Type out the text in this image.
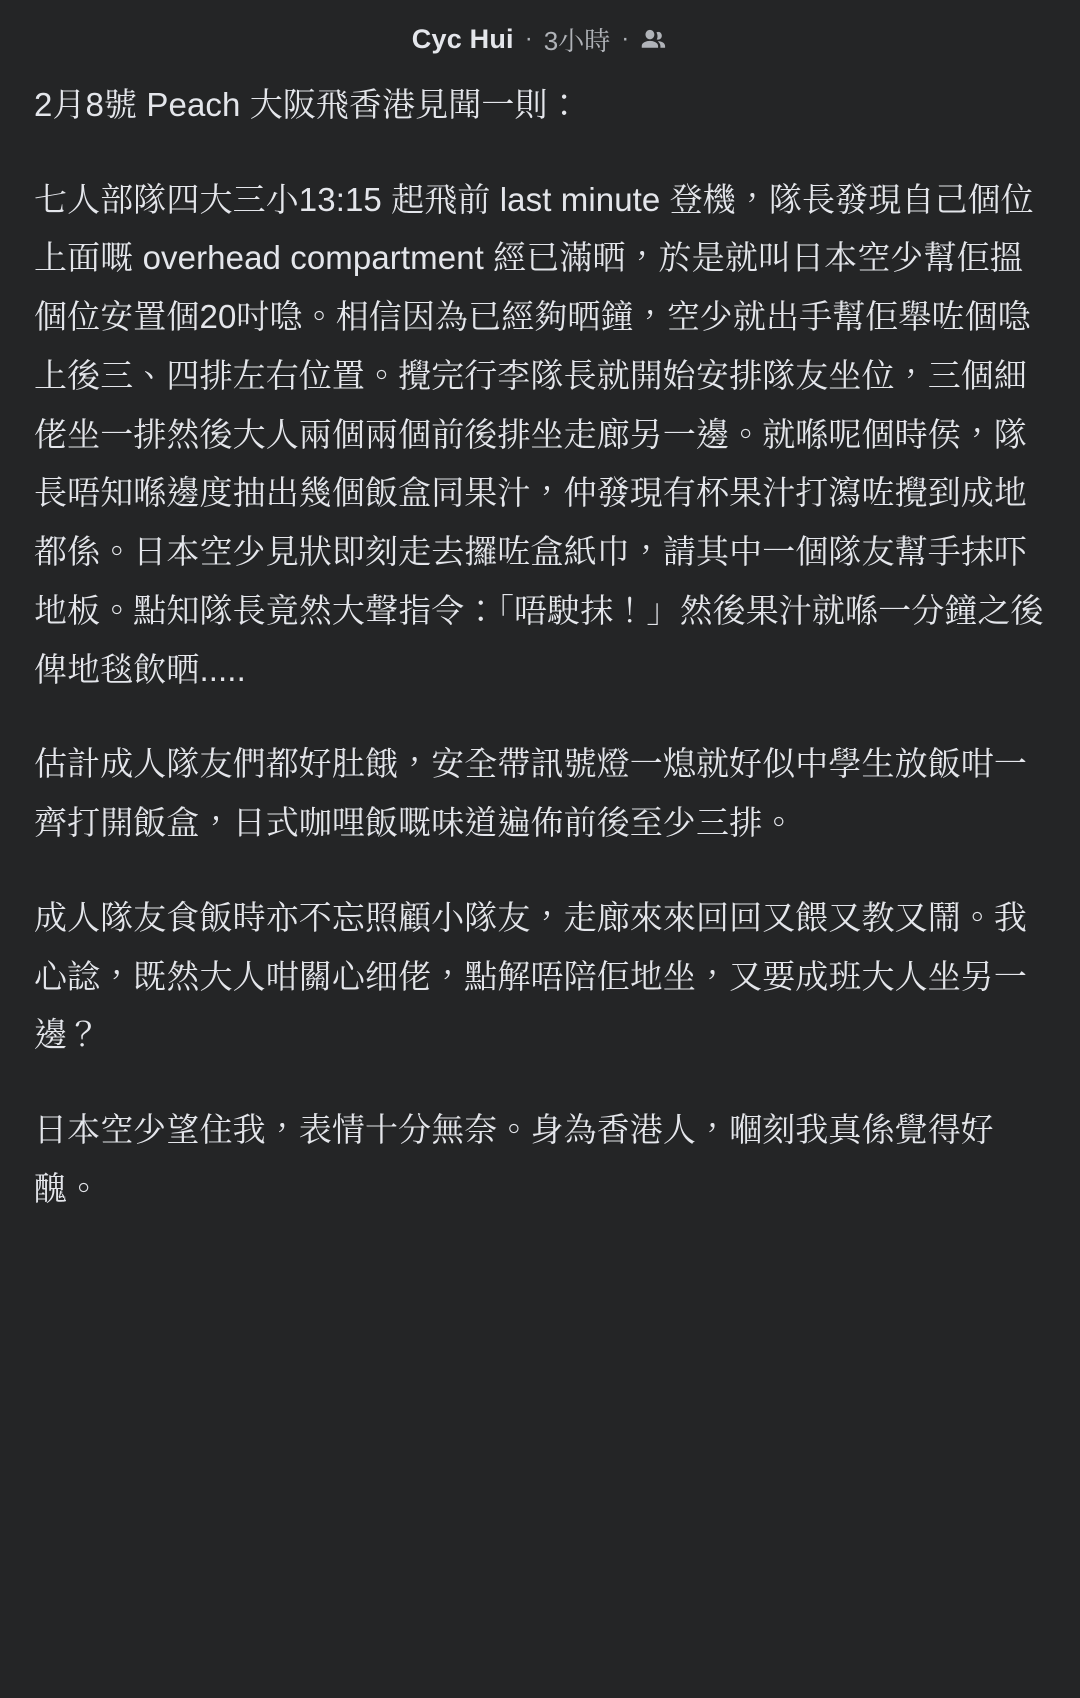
Cyc Hui · 3小時 ·

2月8號 Peach 大阪飛香港見聞一則：

七人部隊四大三小13:15 起飛前 last minute 登機，隊長發現自己個位上面嘅 overhead compartment 經已滿晒，於是就叫日本空少幫佢搵個位安置個20吋喼。相信因為已經夠晒鐘，空少就出手幫佢舉咗個喼上後三、四排左右位置。攪完行李隊長就開始安排隊友坐位，三個細佬坐一排然後大人兩個兩個前後排坐走廊另一邊。就喺呢個時侯，隊長唔知喺邊度抽出幾個飯盒同果汁，仲發現有杯果汁打瀉咗攪到成地都係。日本空少見狀即刻走去攞咗盒紙巾，請其中一個隊友幫手抹吓地板。點知隊長竟然大聲指令：「唔駛抹！」然後果汁就喺一分鐘之後俾地毯飲晒.....

估計成人隊友們都好肚餓，安全帶訊號燈一熄就好似中學生放飯咁一齊打開飯盒，日式咖哩飯嘅味道遍佈前後至少三排。

成人隊友食飯時亦不忘照顧小隊友，走廊來來回回又餵又教又鬧。我心諗，既然大人咁關心细佬，點解唔陪佢地坐，又要成班大人坐另一邊？

日本空少望住我，表情十分無奈。身為香港人，嗰刻我真係覺得好醜。
